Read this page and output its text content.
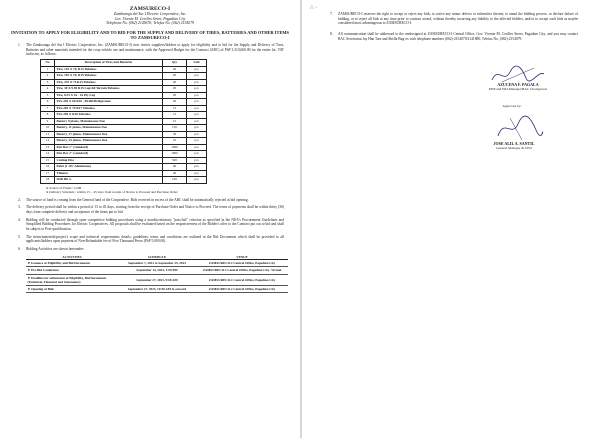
ZAMSURECO-I
Zamboanga del Sur I Electric Cooperative, Inc.
Gov. Vicente M. Cerilles Street, Pagadian City
Telephone No. (062) 2145676; Telefax No. (062) 2154079
INVITATION TO APPLY FOR ELIGIBILITY AND TO BID FOR THE SUPPLY AND DELIVERY OF TIRES, BATTERIES AND OTHER ITEMS TO ZAMSURECO-I
1. The Zamboanga del Sur I Electric Cooperative, Inc. (ZAMSURECO-I) now invites suppliers/bidders to apply for eligibility and to bid for the Supply and Delivery of Tires, Batteries and other materials intended for the coop vehicle use and maintenance, with the Approved Budget for the Contract (ABC) of PhP 3,310,660.00 for the entire lot, VAT inclusive, as follows:
No	Description of Tires and Batteries	Qty	Unit
1	Tire, 145 X 70, R13 Tubeless	20	pcs
2	Tire, 195 X 70, R15 Tubeless	20	pcs
3	Tire, 235 X 75 R15 Tubeless	20	pcs
4	Tire, 30 X 9.50 R15 Lug/All Terrain Tubeless	20	pcs
5	Tire, 8.25 X 16 - 16 Ply Lug	20	pcs
6	Tire 265 X 60 R18 , Pirelli/Bridgestone	20	pcs
7	Tire 265 X 70 R17 Tubeless	15	pcs
8	Tire 205 X R16 Tubeless	15	pcs
9	Battery 9 plates, Maintenance free	15	pcs
10	Battery, 11 plates, Maintenance free	130	pcs
11	Battery, 17 plates, Maintenance free	30	pcs
12	Battery, 25 plates, Maintenance free	10	pcs
13	Flat Bar 1" (standard)	1000	pcs
14	Flat Bar 2" (standard)	1000	pcs
15	Cutting Disc	500	pcs
16	Paint (1 /PC Aluminum)	40	pcs
17	Thinner	40	pcs
18	Drill Bit ¼	100	pcs
➤ Source of Funds : COB
➤ Delivery Schedule : within 15 – 45 days from receipt of Notice to Proceed and Purchase Order
2. The source of fund is coming from the General fund of the Cooperative. Bids received in excess of the ABC shall be automatically rejected at bid opening.
3. The delivery period shall be within a period of 15 to 45 days, starting from the receipt of Purchase Order and Notice to Proceed. The terms of payments shall be within thirty (30) days from complete delivery and acceptance of the items put to bid.
4. Bidding will be conducted through open competitive bidding procedures using a nondiscretionary "pass/fail" criterion as specified in the NEA's Procurement Guidelines and Simplified Bidding Procedures for Electric Cooperatives. All proposals shall be evaluated based on the responsiveness of the Bidder's offer to the Contract put out to bid and shall be subject to Post-qualification.
5. The items/materials/project's scope and technical requirements details, guidelines, terms and conditions are outlined in the Bid Documents which shall be provided to all applicants/bidders upon payment of Non-Refundable fee of Five Thousand Pesos (PhP 5,000.00).
6. Bidding Activities are shown hereunder:
ACTIVITIES	SCHEDULE	VENUE
➤ Issuance of Eligibility and Bid Documents	September 7, 2023 to September 25, 2023	ZAMSURECO-I Central Office, Pagadian City
➤ Pre-Bid Conference	September 14, 2023, 1:00 PM	ZAMSURECO-I Central Office, Pagadian City- Virtual
➤ Deadline for submission of Eligibility, Bid Documents (Technical, Financial and Statements)	September 27, 2023, 9:00 AM	ZAMSURECO-I Central Office, Pagadian City
➤ Opening of Bids	September 27, 2023, 10:00 AM & onward	ZAMSURECO-I Central Office, Pagadian City
∴ ·
7. ZAMSURECO-I reserves the right to accept or reject any bids, to waive any minor defects or infirmities therein, to annul the bidding process, or declare failure of bidding, or to reject all bids at any time prior to contract award, without thereby incurring any liability to the affected bidders, and/or to accept such bids as maybe considered most advantageous to ZAMSURECO-I.
8. All communication shall be addressed to the undersigned at ZAMSURECO-I Central Office, Gov. Vicente M. Cerilles Street, Pagadian City, and you may contact BAC Secretariat Jay Han Tare and Shella Bug-os with telephone numbers (062)-2154079/2141880; Telefax No. (062)-2154079.
AZUCENA F. PAGALA
EDP and ISD Manager/BAC Chairperson
Approved by:
JOSE ALIL A. SANTIL
General Manager & CEO
